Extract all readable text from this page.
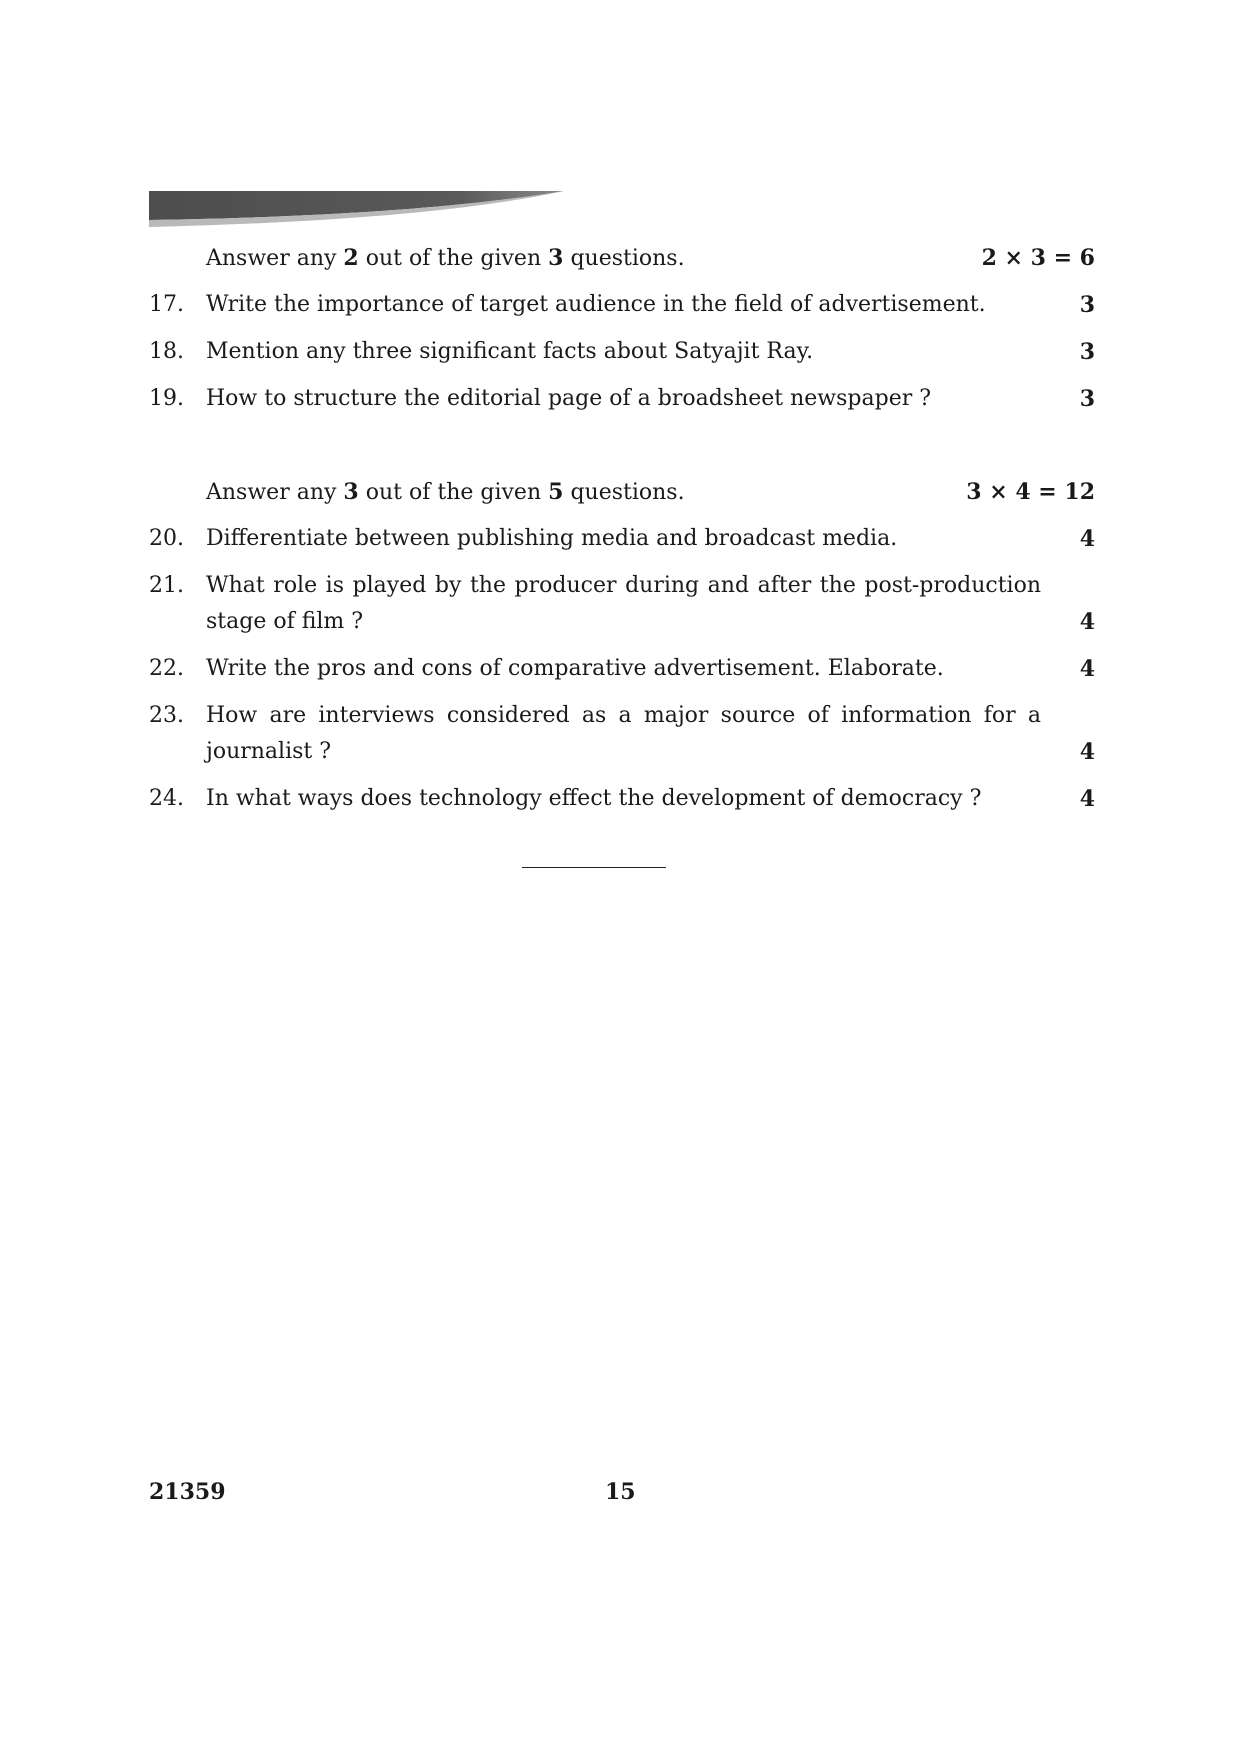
Answer any 2 out of the given 3 questions.	2 × 3 = 6
17. Write the importance of target audience in the field of advertisement.	3
18. Mention any three significant facts about Satyajit Ray.	3
19. How to structure the editorial page of a broadsheet newspaper ?	3
Answer any 3 out of the given 5 questions.	3 × 4 = 12
20. Differentiate between publishing media and broadcast media.	4
21. What role is played by the producer during and after the post-production
stage of film ?	4
22. Write the pros and cons of comparative advertisement. Elaborate.	4
23. How are interviews considered as a major source of information for a
journalist ?	4
24. In what ways does technology effect the development of democracy ?	4
21359	15
